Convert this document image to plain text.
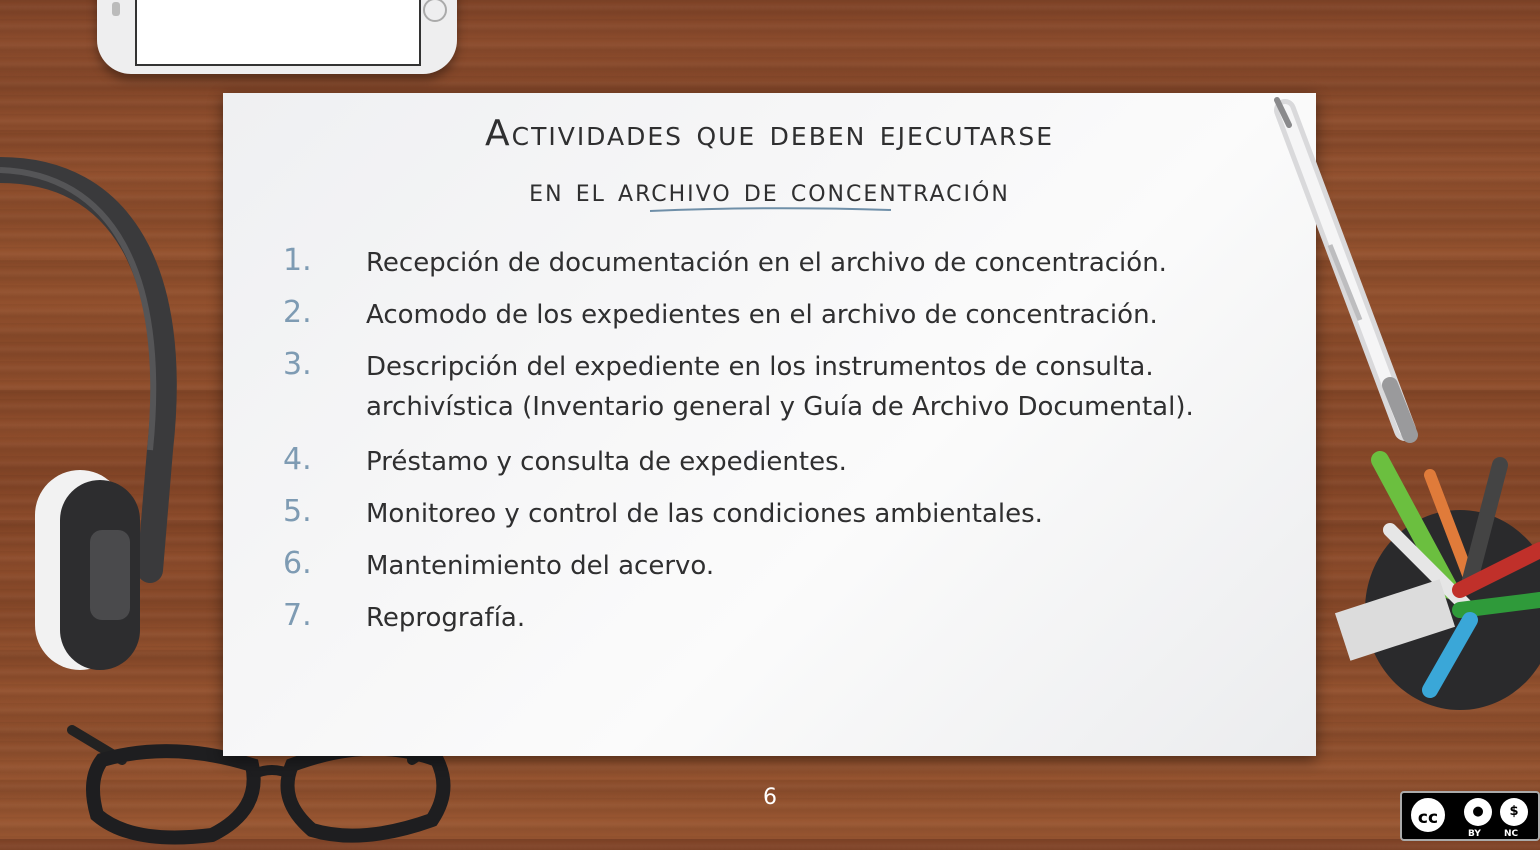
Actividades que deben ejecutarse
en el archivo de concentración
1.	Recepción de documentación en el archivo de concentración.
2.	Acomodo de los expedientes en el archivo de concentración.
3.	Descripción del expediente en los instrumentos de consulta. archivística (Inventario general y Guía de Archivo Documental).
4.	Préstamo y consulta de expedientes.
5.	Monitoreo y control de las condiciones ambientales.
6.	Mantenimiento del acervo.
7.	Reprografía.
6
cc	●	$
BY	NC
